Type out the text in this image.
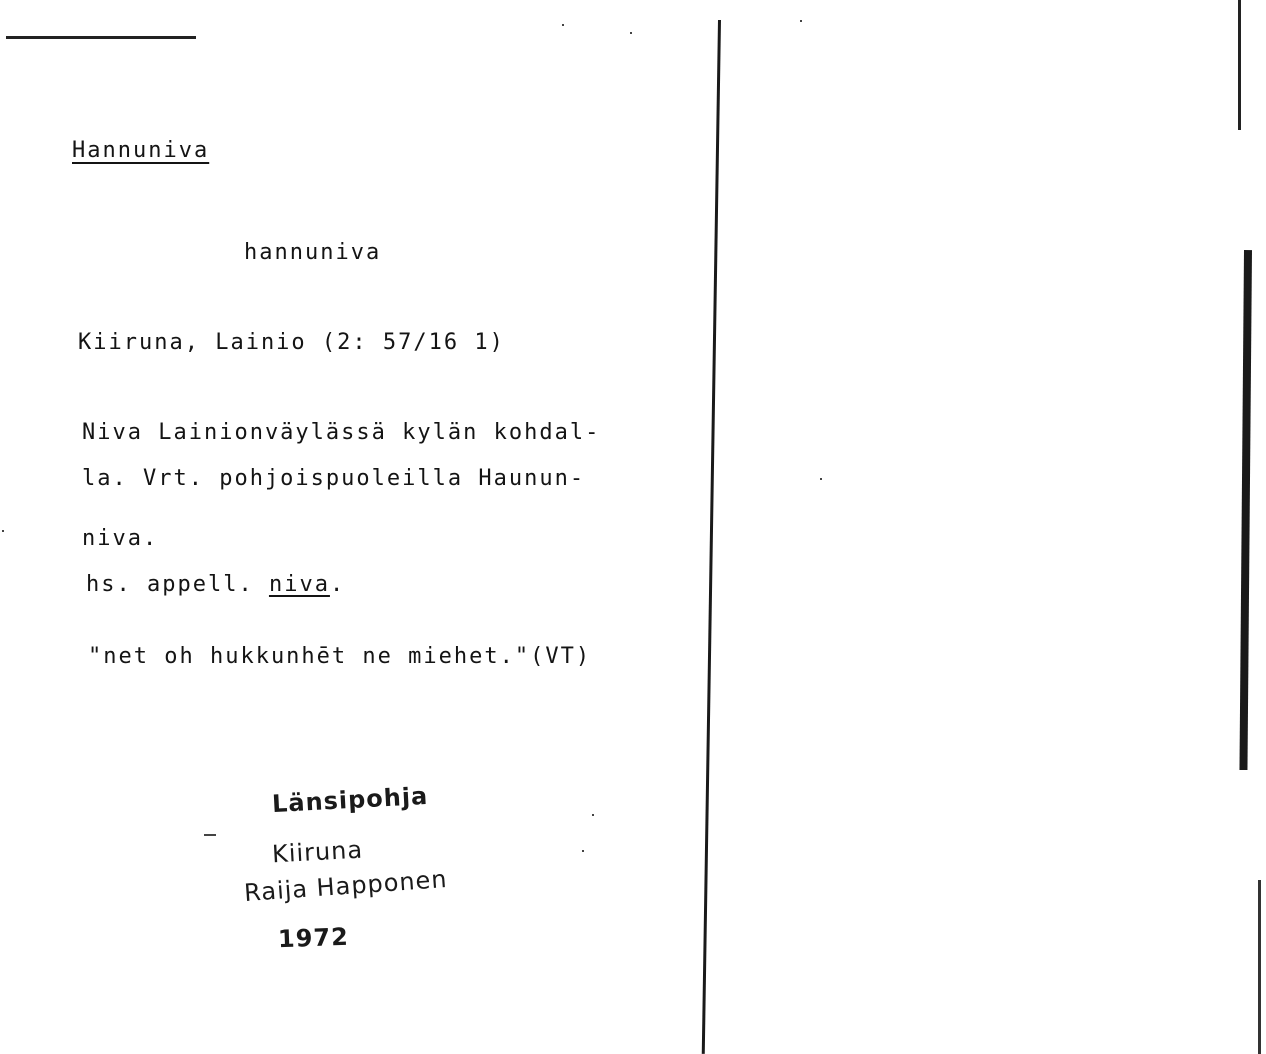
Hannuniva
hannuniva
Kiiruna, Lainio (2: 57/16 1)
Niva Lainionväylässä kylän kohdal-
la. Vrt. pohjoispuoleilla Haunun-
niva.
hs. appell. niva.
"net oh hukkunhēt ne miehet."(VT)
Länsipohja
Kiiruna
Raija Happonen
1972
